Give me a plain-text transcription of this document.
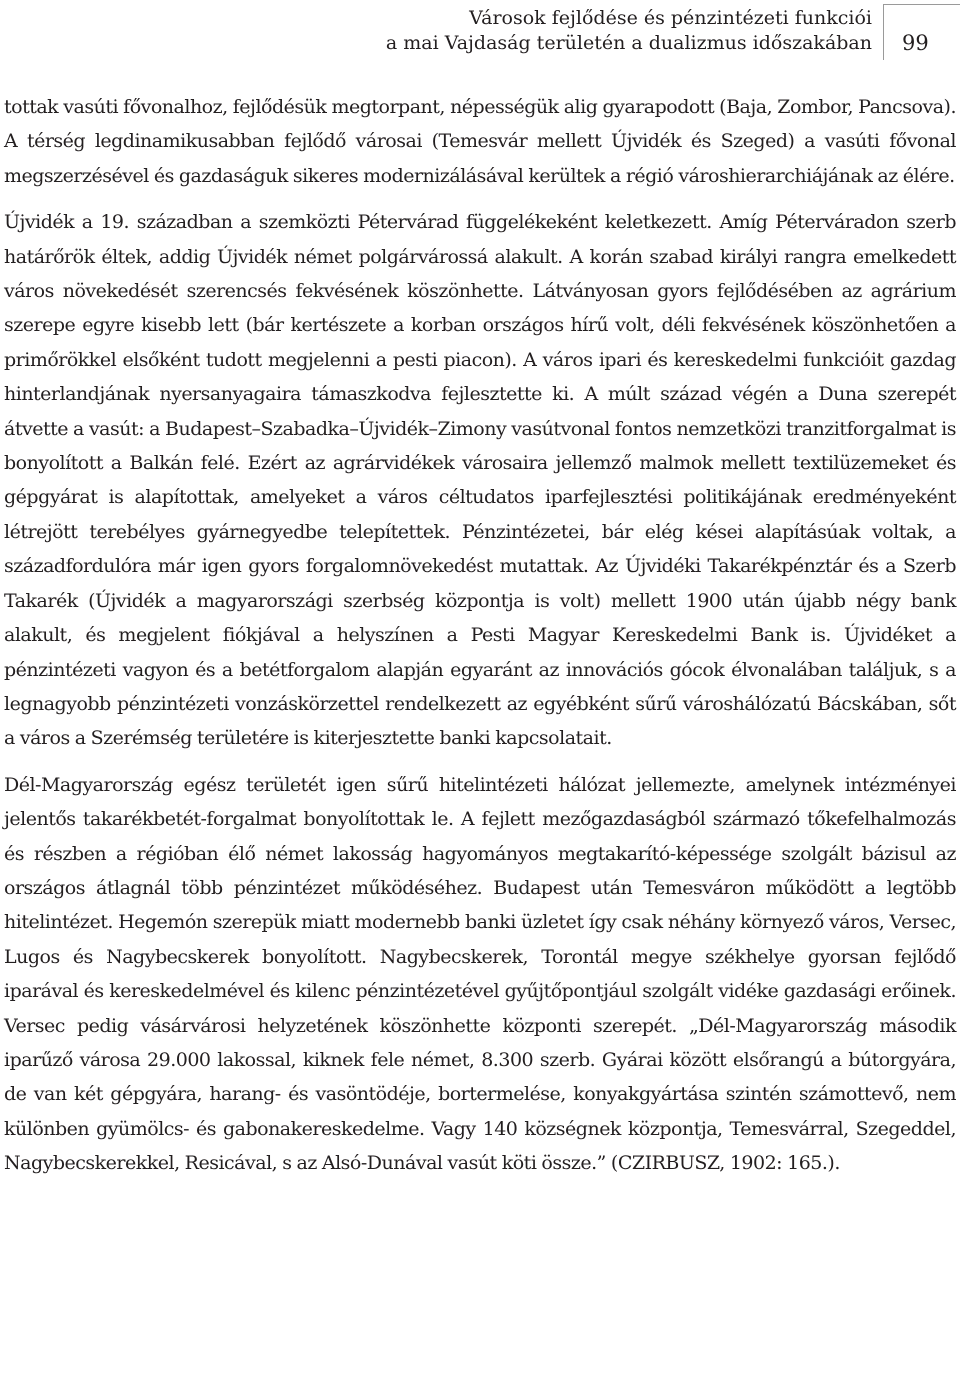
Városok fejlődése és pénzintézeti funkciói
a mai Vajdaság területén a dualizmus időszakában 99

tottak vasúti fővonalhoz, fejlődésük megtorpant, népességük alig gyarapodott (Baja, Zombor, Pancsova). A térség legdinamikusabban fejlődő városai (Temesvár mellett Újvidék és Szeged) a vasúti fővonal megszerzésével és gazdaságuk sikeres modernizálásával kerültek a régió városhierarchiájának az élére.

Újvidék a 19. században a szemközti Pétervárad függelékeként keletkezett. Amíg Péterváradon szerb határőrök éltek, addig Újvidék német polgárvárossá alakult. A korán szabad királyi rangra emelkedett város növekedését szerencsés fekvésének köszönhette. Látványosan gyors fejlődésében az agrárium szerepe egyre kisebb lett (bár kertészete a korban országos hírű volt, déli fekvésének köszönhetően a primőrökkel elsőként tudott megjelenni a pesti piacon). A város ipari és kereskedelmi funkcióit gazdag hinterlandjának nyersanyagaira támaszkodva fejlesztette ki. A múlt század végén a Duna szerepét átvette a vasút: a Budapest–Szabadka–Újvidék–Zimony vasútvonal fontos nemzetközi tranzitforgalmat is bonyolított a Balkán felé. Ezért az agrárvidékek városaira jellemző malmok mellett textilüzemeket és gépgyárat is alapítottak, amelyeket a város céltudatos iparfejlesztési politikájának eredményeként létrejött terebélyes gyárnegyedbe telepítettek. Pénzintézetei, bár elég kései alapításúak voltak, a századfordulóra már igen gyors forgalomnövekedést mutattak. Az Újvidéki Takarékpénztár és a Szerb Takarék (Újvidék a magyarországi szerbség központja is volt) mellett 1900 után újabb négy bank alakult, és megjelent fiókjával a helyszínen a Pesti Magyar Kereskedelmi Bank is. Újvidéket a pénzintézeti vagyon és a betétforgalom alapján egyaránt az innovációs gócok élvonalában találjuk, s a legnagyobb pénzintézeti vonzáskörzettel rendelkezett az egyébként sűrű városhálózatú Bácskában, sőt a város a Szerémség területére is kiterjesztette banki kapcsolatait.

Dél-Magyarország egész területét igen sűrű hitelintézeti hálózat jellemezte, amelynek intézményei jelentős takarékbetét-forgalmat bonyolítottak le. A fejlett mezőgazdaságból származó tőkefelhalmozás és részben a régióban élő német lakosság hagyományos megtakarító-képessége szolgált bázisul az országos átlagnál több pénzintézet működéséhez. Budapest után Temesváron működött a legtöbb hitelintézet. Hegemón szerepük miatt modernebb banki üzletet így csak néhány környező város, Versec, Lugos és Nagybecskerek bonyolított. Nagybecskerek, Torontál megye székhelye gyorsan fejlődő iparával és kereskedelmével és kilenc pénzintézetével gyűjtőpontjául szolgált vidéke gazdasági erőinek. Versec pedig vásárvárosi helyzetének köszönhette központi szerepét. „Dél-Magyarország második iparűző városa 29.000 lakossal, kiknek fele német, 8.300 szerb. Gyárai között elsőrangú a bútorgyára, de van két gépgyára, harang- és vasöntödéje, bortermelése, konyakgyártása szintén számottevő, nem különben gyümölcs- és gabonakereskedelme. Vagy 140 községnek központja, Temesvárral, Szegeddel, Nagybecskerekkel, Resicával, s az Alsó-Dunával vasút köti össze.” (CZIRBUSZ, 1902: 165.).
